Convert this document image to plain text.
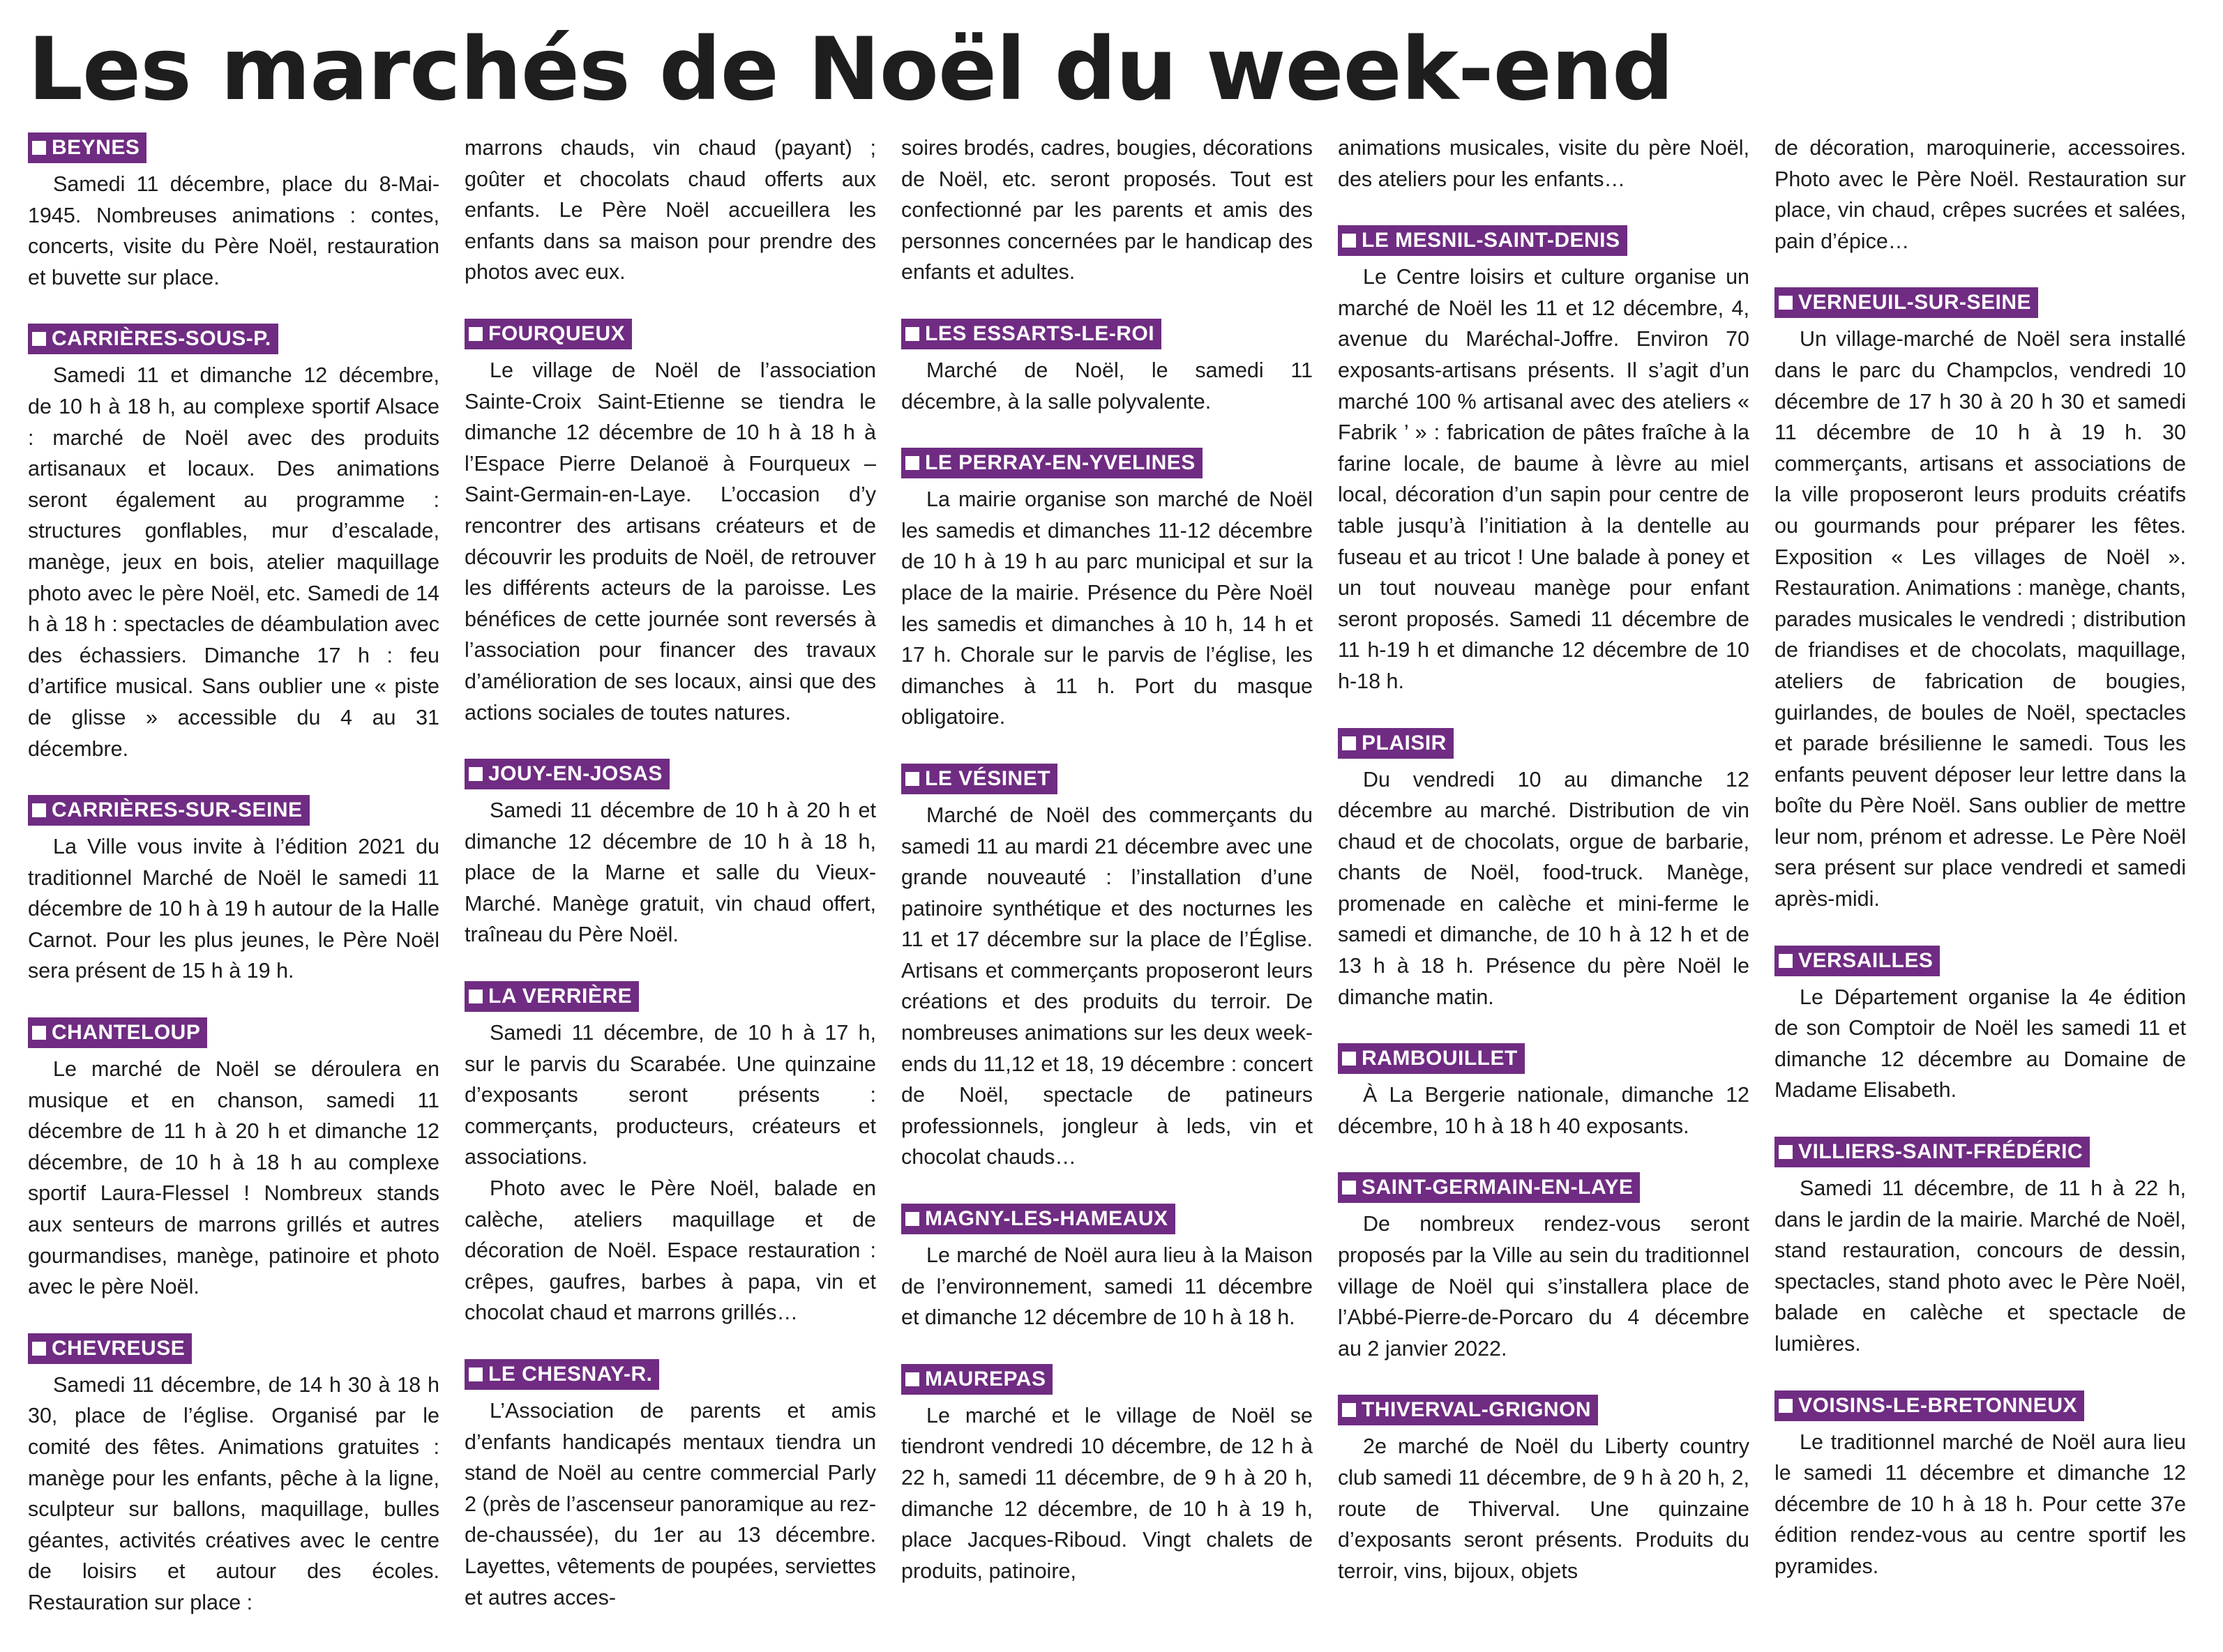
Les marchés de Noël du week-end
BEYNES

Samedi 11 décembre, place du 8-Mai-1945. Nombreuses animations : contes, concerts, visite du Père Noël, restauration et buvette sur place.

CARRIÈRES-SOUS-P.

Samedi 11 et dimanche 12 décembre, de 10 h à 18 h, au complexe sportif Alsace : marché de Noël avec des produits artisanaux et locaux. Des animations seront également au programme : structures gonflables, mur d’escalade, manège, jeux en bois, atelier maquillage photo avec le père Noël, etc. Samedi de 14 h à 18 h : spectacles de déambulation avec des échassiers. Dimanche 17 h : feu d’artifice musical. Sans oublier une « piste de glisse » accessible du 4 au 31 décembre.

CARRIÈRES-SUR-SEINE

La Ville vous invite à l’édition 2021 du traditionnel Marché de Noël le samedi 11 décembre de 10 h à 19 h autour de la Halle Carnot. Pour les plus jeunes, le Père Noël sera présent de 15 h à 19 h.

CHANTELOUP

Le marché de Noël se déroulera en musique et en chanson, samedi 11 décembre de 11 h à 20 h et dimanche 12 décembre, de 10 h à 18 h au complexe sportif Laura-Flessel ! Nombreux stands aux senteurs de marrons grillés et autres gourmandises, manège, patinoire et photo avec le père Noël.

CHEVREUSE

Samedi 11 décembre, de 14 h 30 à 18 h 30, place de l’église. Organisé par le comité des fêtes. Animations gratuites : manège pour les enfants, pêche à la ligne, sculpteur sur ballons, maquillage, bulles géantes, activités créatives avec le centre de loisirs et autour des écoles. Restauration sur place :

marrons chauds, vin chaud (payant) ; goûter et chocolats chaud offerts aux enfants. Le Père Noël accueillera les enfants dans sa maison pour prendre des photos avec eux.

FOURQUEUX

Le village de Noël de l’association Sainte-Croix Saint-Etienne se tiendra le dimanche 12 décembre de 10 h à 18 h à l’Espace Pierre Delanoë à Fourqueux – Saint-Germain-en-Laye. L’occasion d’y rencontrer des artisans créateurs et de découvrir les produits de Noël, de retrouver les différents acteurs de la paroisse. Les bénéfices de cette journée sont reversés à l’association pour financer des travaux d’amélioration de ses locaux, ainsi que des actions sociales de toutes natures.

JOUY-EN-JOSAS

Samedi 11 décembre de 10 h à 20 h et dimanche 12 décembre de 10 h à 18 h, place de la Marne et salle du Vieux-Marché. Manège gratuit, vin chaud offert, traîneau du Père Noël.

LA VERRIÈRE

Samedi 11 décembre, de 10 h à 17 h, sur le parvis du Scarabée. Une quinzaine d’exposants seront présents : commerçants, producteurs, créateurs et associations.

Photo avec le Père Noël, balade en calèche, ateliers maquillage et de décoration de Noël. Espace restauration : crêpes, gaufres, barbes à papa, vin et chocolat chaud et marrons grillés…

LE CHESNAY-R.

L’Association de parents et amis d’enfants handicapés mentaux tiendra un stand de Noël au centre commercial Parly 2 (près de l’ascenseur panoramique au rez-de-chaussée), du 1er au 13 décembre. Layettes, vêtements de poupées, serviettes et autres acces-

soires brodés, cadres, bougies, décorations de Noël, etc. seront proposés. Tout est confectionné par les parents et amis des personnes concernées par le handicap des enfants et adultes.

LES ESSARTS-LE-ROI

Marché de Noël, le samedi 11 décembre, à la salle polyvalente.

LE PERRAY-EN-YVELINES

La mairie organise son marché de Noël les samedis et dimanches 11-12 décembre de 10 h à 19 h au parc municipal et sur la place de la mairie. Présence du Père Noël les samedis et dimanches à 10 h, 14 h et 17 h. Chorale sur le parvis de l’église, les dimanches à 11 h. Port du masque obligatoire.

LE VÉSINET

Marché de Noël des commerçants du samedi 11 au mardi 21 décembre avec une grande nouveauté : l’installation d’une patinoire synthétique et des nocturnes les 11 et 17 décembre sur la place de l’Église. Artisans et commerçants proposeront leurs créations et des produits du terroir. De nombreuses animations sur les deux week-ends du 11,12 et 18, 19 décembre : concert de Noël, spectacle de patineurs professionnels, jongleur à leds, vin et chocolat chauds…

MAGNY-LES-HAMEAUX

Le marché de Noël aura lieu à la Maison de l’environnement, samedi 11 décembre et dimanche 12 décembre de 10 h à 18 h.

MAUREPAS

Le marché et le village de Noël se tiendront vendredi 10 décembre, de 12 h à 22 h, samedi 11 décembre, de 9 h à 20 h, dimanche 12 décembre, de 10 h à 19 h, place Jacques-Riboud. Vingt chalets de produits, patinoire,

animations musicales, visite du père Noël, des ateliers pour les enfants…

LE MESNIL-SAINT-DENIS

Le Centre loisirs et culture organise un marché de Noël les 11 et 12 décembre, 4, avenue du Maréchal-Joffre. Environ 70 exposants-artisans présents. Il s’agit d’un marché 100 % artisanal avec des ateliers « Fabrik ’ » : fabrication de pâtes fraîche à la farine locale, de baume à lèvre au miel local, décoration d’un sapin pour centre de table jusqu’à l’initiation à la dentelle au fuseau et au tricot ! Une balade à poney et un tout nouveau manège pour enfant seront proposés. Samedi 11 décembre de 11 h-19 h et dimanche 12 décembre de 10 h-18 h.

PLAISIR

Du vendredi 10 au dimanche 12 décembre au marché. Distribution de vin chaud et de chocolats, orgue de barbarie, chants de Noël, food-truck. Manège, promenade en calèche et mini-ferme le samedi et dimanche, de 10 h à 12 h et de 13 h à 18 h. Présence du père Noël le dimanche matin.

RAMBOUILLET

À La Bergerie nationale, dimanche 12 décembre, 10 h à 18 h 40 exposants.

SAINT-GERMAIN-EN-LAYE

De nombreux rendez-vous seront proposés par la Ville au sein du traditionnel village de Noël qui s’installera place de l’Abbé-Pierre-de-Porcaro du 4 décembre au 2 janvier 2022.

THIVERVAL-GRIGNON

2e marché de Noël du Liberty country club samedi 11 décembre, de 9 h à 20 h, 2, route de Thiverval. Une quinzaine d’exposants seront présents. Produits du terroir, vins, bijoux, objets

de décoration, maroquinerie, accessoires. Photo avec le Père Noël. Restauration sur place, vin chaud, crêpes sucrées et salées, pain d’épice…

VERNEUIL-SUR-SEINE

Un village-marché de Noël sera installé dans le parc du Champclos, vendredi 10 décembre de 17 h 30 à 20 h 30 et samedi 11 décembre de 10 h à 19 h. 30 commerçants, artisans et associations de la ville proposeront leurs produits créatifs ou gourmands pour préparer les fêtes. Exposition « Les villages de Noël ». Restauration. Animations : manège, chants, parades musicales le vendredi ; distribution de friandises et de chocolats, maquillage, ateliers de fabrication de bougies, guirlandes, de boules de Noël, spectacles et parade brésilienne le samedi. Tous les enfants peuvent déposer leur lettre dans la boîte du Père Noël. Sans oublier de mettre leur nom, prénom et adresse. Le Père Noël sera présent sur place vendredi et samedi après-midi.

VERSAILLES

Le Département organise la 4e édition de son Comptoir de Noël les samedi 11 et dimanche 12 décembre au Domaine de Madame Elisabeth.

VILLIERS-SAINT-FRÉDÉRIC

Samedi 11 décembre, de 11 h à 22 h, dans le jardin de la mairie. Marché de Noël, stand restauration, concours de dessin, spectacles, stand photo avec le Père Noël, balade en calèche et spectacle de lumières.

VOISINS-LE-BRETONNEUX

Le traditionnel marché de Noël aura lieu le samedi 11 décembre et dimanche 12 décembre de 10 h à 18 h. Pour cette 37e édition rendez-vous au centre sportif les pyramides.
